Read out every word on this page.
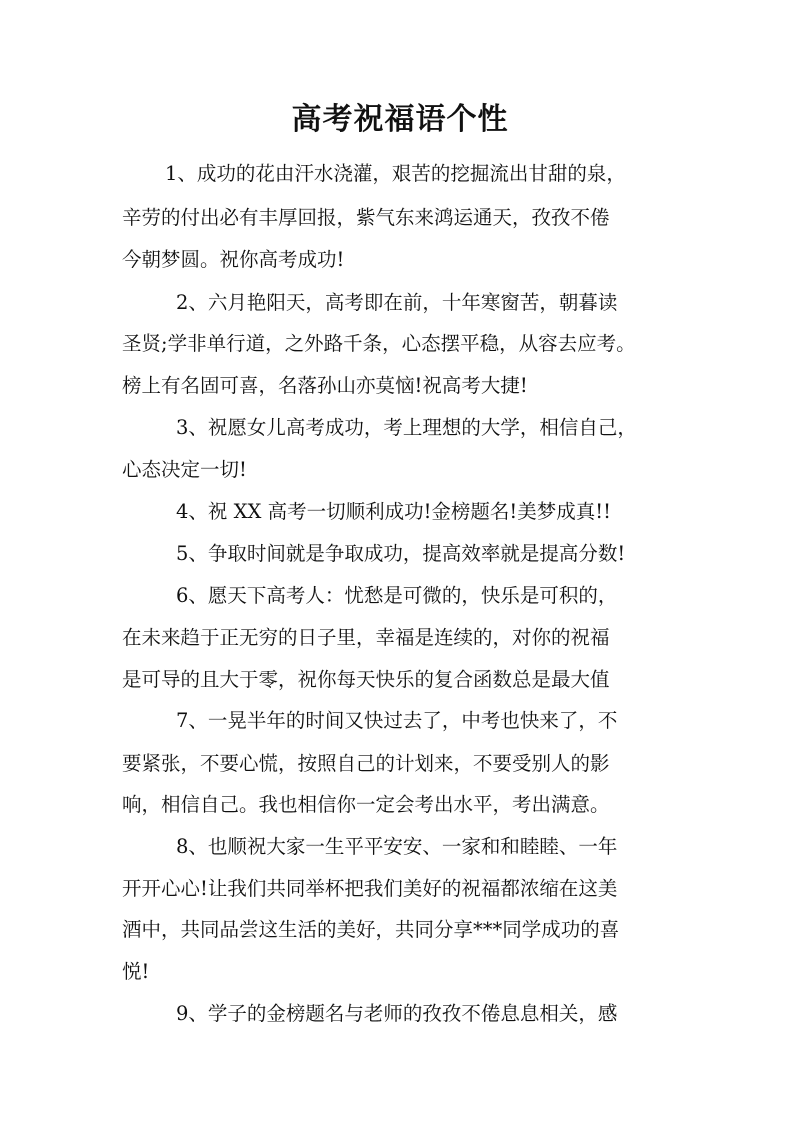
高考祝福语个性
1、成功的花由汗水浇灌，艰苦的挖掘流出甘甜的泉，
辛劳的付出必有丰厚回报，紫气东来鸿运通天，孜孜不倦
今朝梦圆。祝你高考成功!
2、六月艳阳天，高考即在前，十年寒窗苦，朝暮读
圣贤;学非单行道，之外路千条，心态摆平稳，从容去应考。
榜上有名固可喜，名落孙山亦莫恼!祝高考大捷!
3、祝愿女儿高考成功，考上理想的大学，相信自己，
心态决定一切!
4、祝 XX 高考一切顺利成功!金榜题名!美梦成真!!
5、争取时间就是争取成功，提高效率就是提高分数!
6、愿天下高考人：忧愁是可微的，快乐是可积的，
在未来趋于正无穷的日子里，幸福是连续的，对你的祝福
是可导的且大于零，祝你每天快乐的复合函数总是最大值
7、一晃半年的时间又快过去了，中考也快来了，不
要紧张，不要心慌，按照自己的计划来，不要受别人的影
响，相信自己。我也相信你一定会考出水平，考出满意。
8、也顺祝大家一生平平安安、一家和和睦睦、一年
开开心心!让我们共同举杯把我们美好的祝福都浓缩在这美
酒中，共同品尝这生活的美好，共同分享***同学成功的喜
悦!
9、学子的金榜题名与老师的孜孜不倦息息相关，感
